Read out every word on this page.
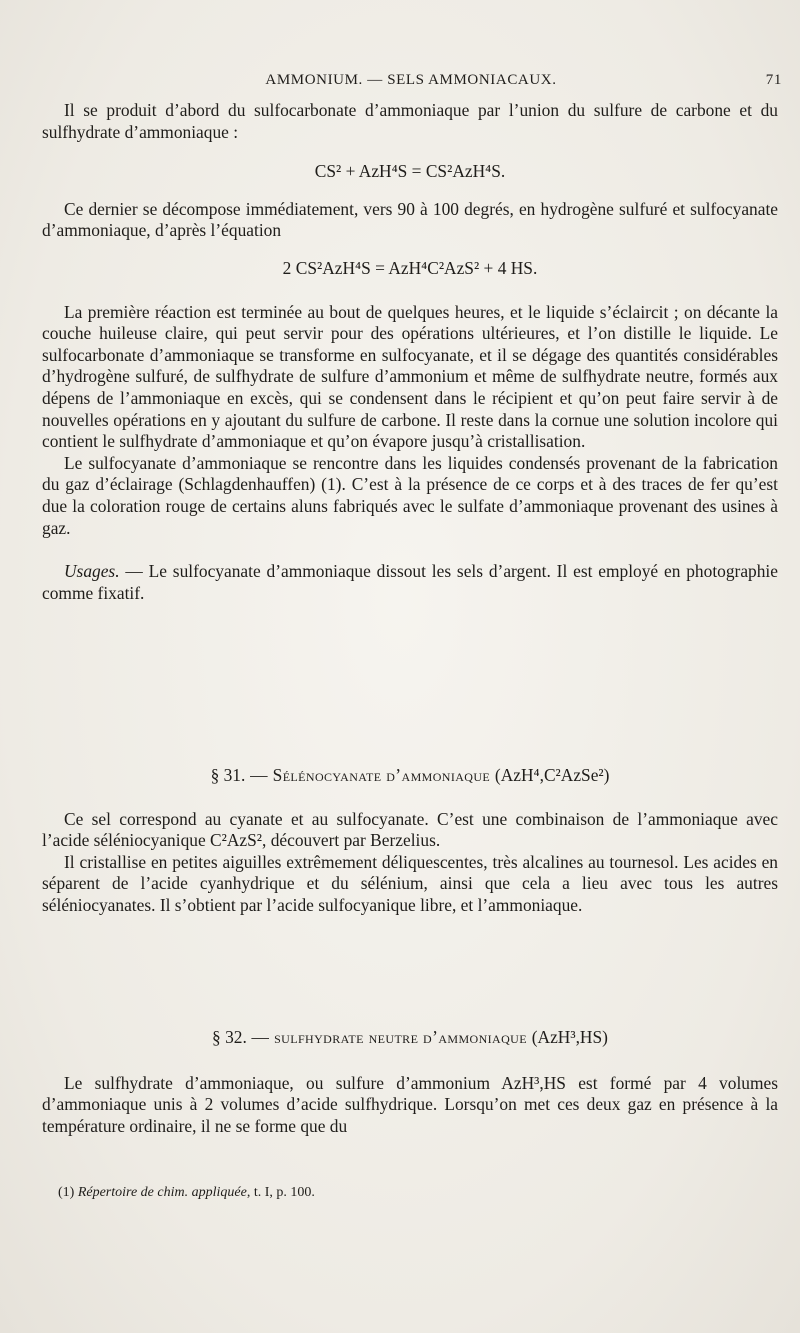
AMMONIUM. — SELS AMMONIACAUX.	71

Il se produit d’abord du sulfocarbonate d’ammoniaque par l’union du sulfure de carbone et du sulfhydrate d’ammoniaque :

CS² + AzH⁴S = CS²AzH⁴S.

Ce dernier se décompose immédiatement, vers 90 à 100 degrés, en hydrogène sulfuré et sulfocyanate d’ammoniaque, d’après l’équation

2 CS²AzH⁴S = AzH⁴C²AzS² + 4 HS.

La première réaction est terminée au bout de quelques heures, et le liquide s’éclaircit ; on décante la couche huileuse claire, qui peut servir pour des opérations ultérieures, et l’on distille le liquide. Le sulfocarbonate d’ammoniaque se transforme en sulfocyanate, et il se dégage des quantités considérables d’hydrogène sulfuré, de sulfhydrate de sulfure d’ammonium et même de sulfhydrate neutre, formés aux dépens de l’ammoniaque en excès, qui se condensent dans le récipient et qu’on peut faire servir à de nouvelles opérations en y ajoutant du sulfure de carbone. Il reste dans la cornue une solution incolore qui contient le sulfhydrate d’ammoniaque et qu’on évapore jusqu’à cristallisation.

Le sulfocyanate d’ammoniaque se rencontre dans les liquides condensés provenant de la fabrication du gaz d’éclairage (Schlagdenhauffen) (1). C’est à la présence de ce corps et à des traces de fer qu’est due la coloration rouge de certains aluns fabriqués avec le sulfate d’ammoniaque provenant des usines à gaz.

Usages. — Le sulfocyanate d’ammoniaque dissout les sels d’argent. Il est employé en photographie comme fixatif.

§ 31. — Sélénocyanate d’ammoniaque (AzH⁴,C²AzSe²)

Ce sel correspond au cyanate et au sulfocyanate. C’est une combinaison de l’ammoniaque avec l’acide séléniocyanique C²AzS², découvert par Berzelius.

Il cristallise en petites aiguilles extrêmement déliquescentes, très alcalines au tournesol. Les acides en séparent de l’acide cyanhydrique et du sélénium, ainsi que cela a lieu avec tous les autres séléniocyanates. Il s’obtient par l’acide sulfocyanique libre, et l’ammoniaque.

§ 32. — sulfhydrate neutre d’ammoniaque (AzH³,HS)

Le sulfhydrate d’ammoniaque, ou sulfure d’ammonium AzH³,HS est formé par 4 volumes d’ammoniaque unis à 2 volumes d’acide sulfhydrique. Lorsqu’on met ces deux gaz en présence à la température ordinaire, il ne se forme que du

(1) Répertoire de chim. appliquée, t. I, p. 100.
